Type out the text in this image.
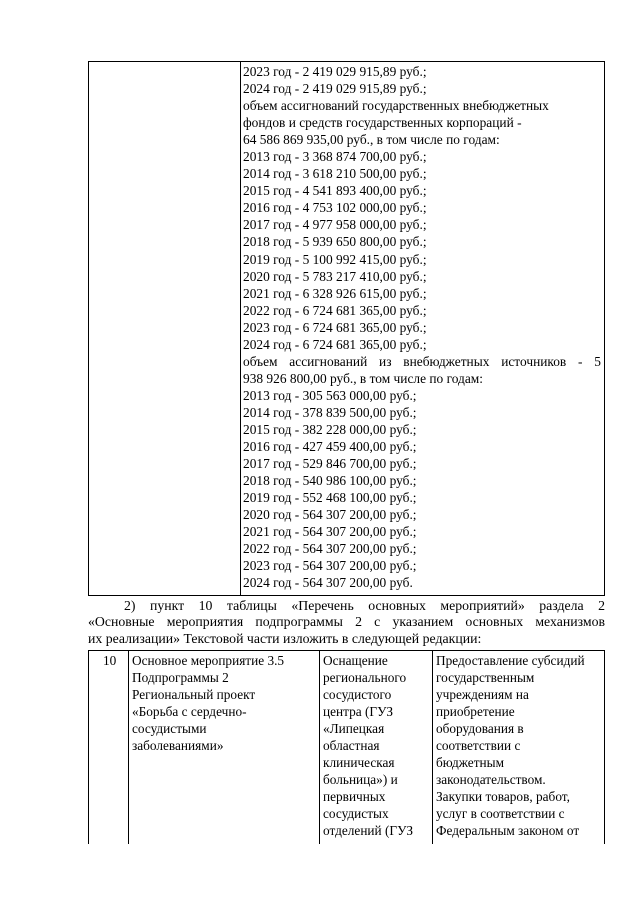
2023 год - 2 419 029 915,89 руб.;
2024 год - 2 419 029 915,89 руб.;
объем ассигнований государственных внебюджетных
фондов и средств государственных корпораций -
64 586 869 935,00 руб., в том числе по годам:
2013 год - 3 368 874 700,00 руб.;
2014 год - 3 618 210 500,00 руб.;
2015 год - 4 541 893 400,00 руб.;
2016 год - 4 753 102 000,00 руб.;
2017 год - 4 977 958 000,00 руб.;
2018 год - 5 939 650 800,00 руб.;
2019 год - 5 100 992 415,00 руб.;
2020 год - 5 783 217 410,00 руб.;
2021 год - 6 328 926 615,00 руб.;
2022 год - 6 724 681 365,00 руб.;
2023 год - 6 724 681 365,00 руб.;
2024 год - 6 724 681 365,00 руб.;
объем ассигнований из внебюджетных источников - 5
938 926 800,00 руб., в том числе по годам:
2013 год - 305 563 000,00 руб.;
2014 год - 378 839 500,00 руб.;
2015 год - 382 228 000,00 руб.;
2016 год - 427 459 400,00 руб.;
2017 год - 529 846 700,00 руб.;
2018 год - 540 986 100,00 руб.;
2019 год - 552 468 100,00 руб.;
2020 год - 564 307 200,00 руб.;
2021 год - 564 307 200,00 руб.;
2022 год - 564 307 200,00 руб.;
2023 год - 564 307 200,00 руб.;
2024 год - 564 307 200,00 руб.
2) пункт 10 таблицы «Перечень основных мероприятий» раздела 2
«Основные мероприятия подпрограммы 2 с указанием основных механизмов
их реализации» Текстовой части изложить в следующей редакции:
10	Основное мероприятие 3.5
Подпрограммы 2
Региональный проект
«Борьба с сердечно-
сосудистыми
заболеваниями»
Оснащение
регионального
сосудистого
центра (ГУЗ
«Липецкая
областная
клиническая
больница») и
первичных
сосудистых
отделений (ГУЗ
Предоставление субсидий
государственным
учреждениям на
приобретение
оборудования в
соответствии с
бюджетным
законодательством.
Закупки товаров, работ,
услуг в соответствии с
Федеральным законом от
